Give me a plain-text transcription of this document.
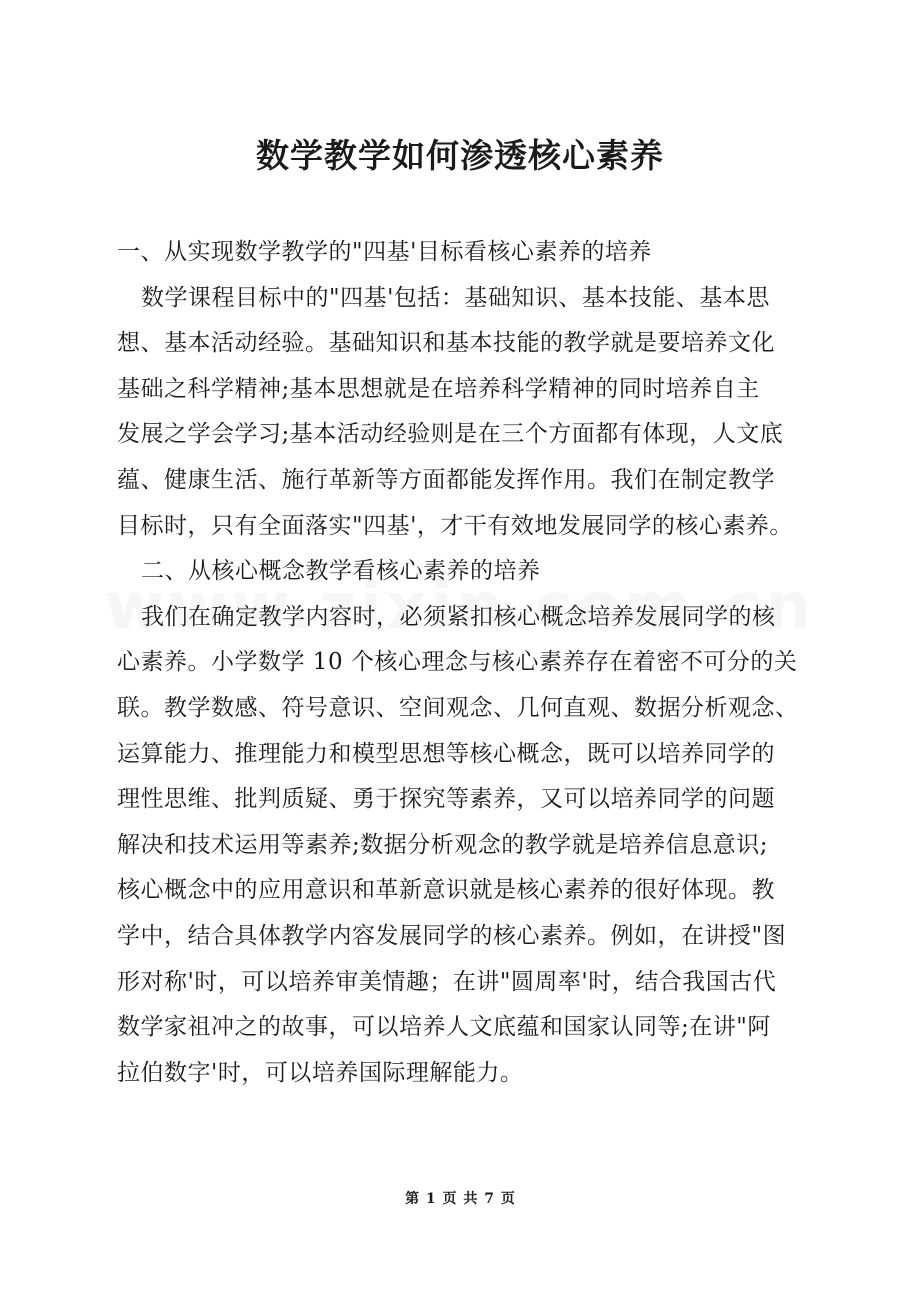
数学教学如何渗透核心素养
一、从实现数学教学的"四基'目标看核心素养的培养
数学课程目标中的"四基'包括：基础知识、基本技能、基本思
想、基本活动经验。基础知识和基本技能的教学就是要培养文化
基础之科学精神;基本思想就是在培养科学精神的同时培养自主
发展之学会学习;基本活动经验则是在三个方面都有体现，人文底
蕴、健康生活、施行革新等方面都能发挥作用。我们在制定教学
目标时，只有全面落实"四基'，才干有效地发展同学的核心素养。
二、从核心概念教学看核心素养的培养
我们在确定教学内容时，必须紧扣核心概念培养发展同学的核
心素养。小学数学 10 个核心理念与核心素养存在着密不可分的关
联。教学数感、符号意识、空间观念、几何直观、数据分析观念、
运算能力、推理能力和模型思想等核心概念，既可以培养同学的
理性思维、批判质疑、勇于探究等素养，又可以培养同学的问题
解决和技术运用等素养;数据分析观念的教学就是培养信息意识;
核心概念中的应用意识和革新意识就是核心素养的很好体现。教
学中，结合具体教学内容发展同学的核心素养。例如，在讲授"图
形对称'时，可以培养审美情趣；在讲"圆周率'时，结合我国古代
数学家祖冲之的故事，可以培养人文底蕴和国家认同等;在讲"阿
拉伯数字'时，可以培养国际理解能力。
第 1 页 共 7 页
